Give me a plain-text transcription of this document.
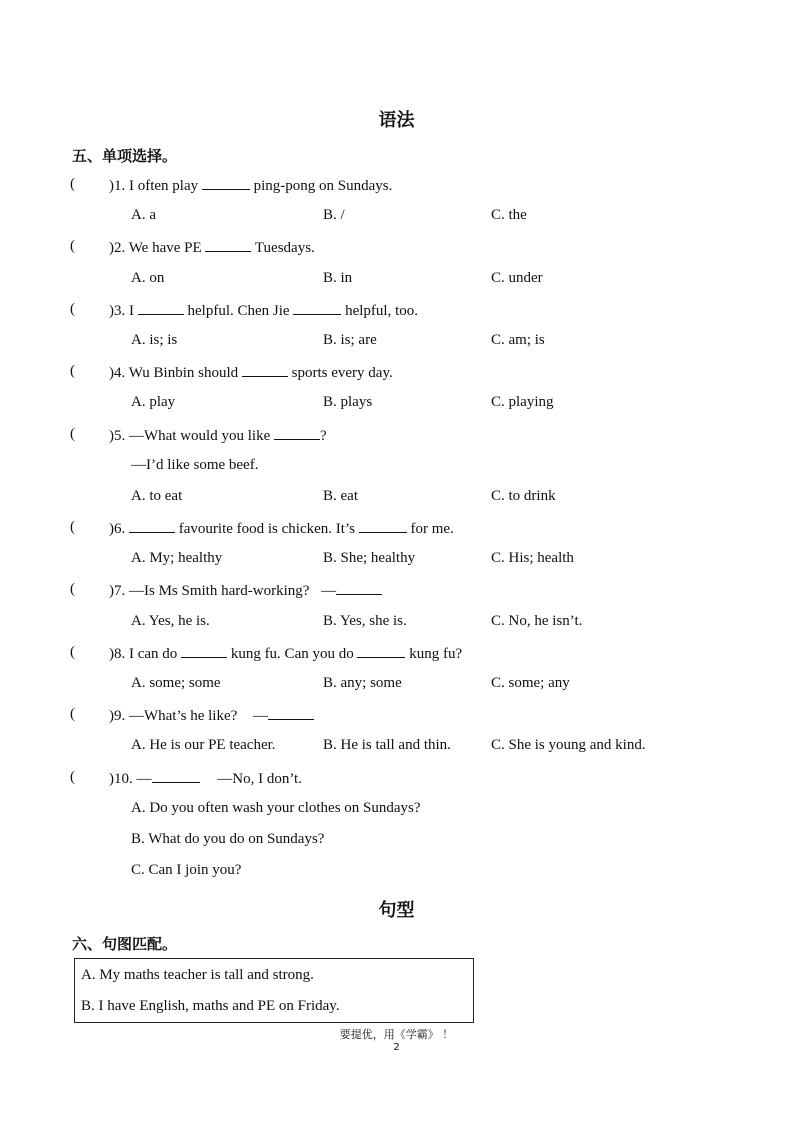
语法
五、单项选择。
( )1. I often play	ping-pong on Sundays.
A. a	B. /	C. the
( )2. We have PE	Tuesdays.
A. on	B. in	C. under
( )3. I	helpful. Chen Jie	helpful, too.
A. is; is	B. is; are	C. am; is
( )4. Wu Binbin should	sports every day.
A. play	B. plays	C. playing
( )5. —What would you like	?
—I’d like some beef.
A. to eat	B. eat	C. to drink
( )6.	favourite food is chicken. It’s	for me.
A. My; healthy	B. She; healthy	C. His; health
( )7. —Is Ms Smith hard-working? —
A. Yes, he is.	B. Yes, she is.	C. No, he isn’t.
( )8. I can do	kung fu. Can you do	kung fu?
A. some; some	B. any; some	C. some; any
( )9. —What’s he like? —
A. He is our PE teacher.	B. He is tall and thin.	C. She is young and kind.
( )10. —	—No, I don’t.
A. Do you often wash your clothes on Sundays?
B. What do you do on Sundays?
C. Can I join you?
句型
六、句图匹配。
A. My maths teacher is tall and strong.
B. I have English, maths and PE on Friday.
要提优，用《学霸》 ！
2
